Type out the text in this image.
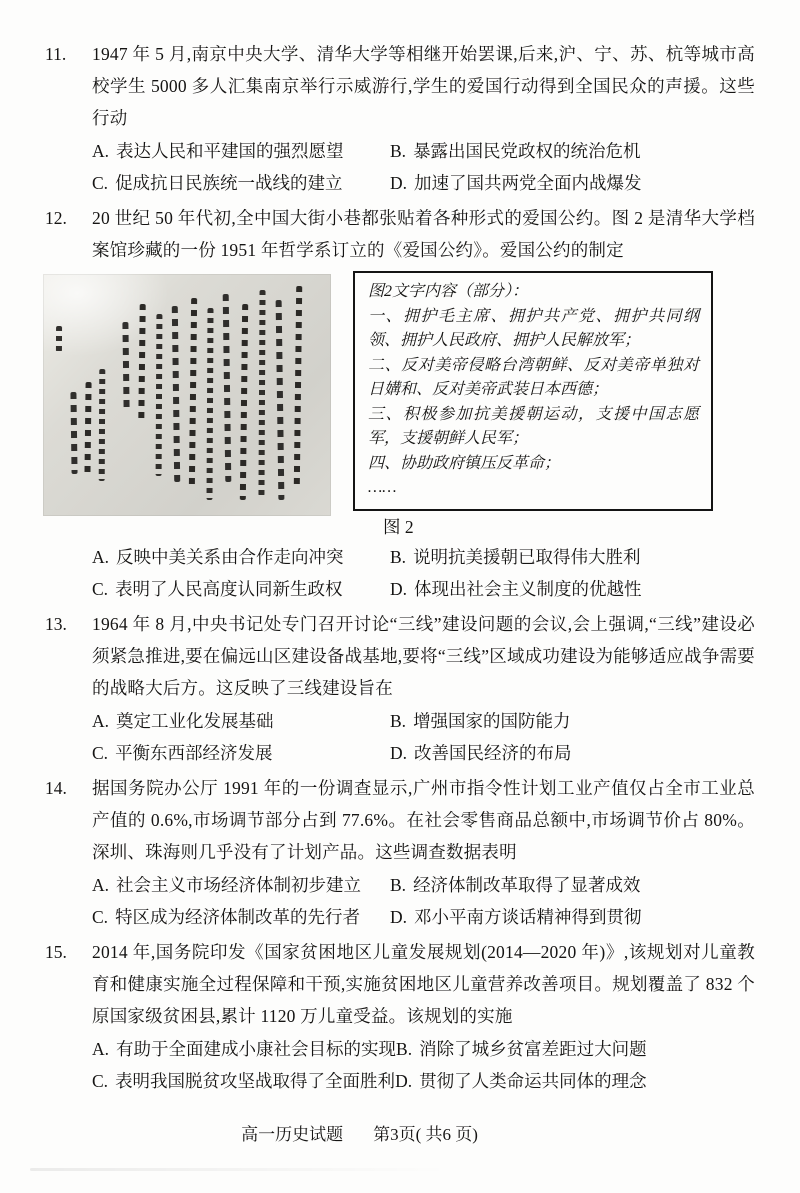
11. 1947 年 5 月,南京中央大学、清华大学等相继开始罢课,后来,沪、宁、苏、杭等城市高校学生 5000 多人汇集南京举行示威游行,学生的爱国行动得到全国民众的声援。这些行动

A. 表达人民和平建国的强烈愿望	B. 暴露出国民党政权的统治危机
C. 促成抗日民族统一战线的建立	D. 加速了国共两党全面内战爆发
12. 20 世纪 50 年代初,全中国大街小巷都张贴着各种形式的爱国公约。图 2 是清华大学档案馆珍藏的一份 1951 年哲学系订立的《爱国公约》。爱国公约的制定

图2文字内容（部分）：

一、拥护毛主席、拥护共产党、拥护共同纲领、拥护人民政府、拥护人民解放军；

二、反对美帝侵略台湾朝鲜、反对美帝单独对日媾和、反对美帝武装日本西德；

三、积极参加抗美援朝运动，支援中国志愿军，支援朝鲜人民军；

四、协助政府镇压反革命；

……

图 2

A. 反映中美关系由合作走向冲突	B. 说明抗美援朝已取得伟大胜利
C. 表明了人民高度认同新生政权	D. 体现出社会主义制度的优越性
13. 1964 年 8 月,中央书记处专门召开讨论“三线”建设问题的会议,会上强调,“三线”建设必须紧急推进,要在偏远山区建设备战基地,要将“三线”区域成功建设为能够适应战争需要的战略大后方。这反映了三线建设旨在

A. 奠定工业化发展基础	B. 增强国家的国防能力
C. 平衡东西部经济发展	D. 改善国民经济的布局
14. 据国务院办公厅 1991 年的一份调查显示,广州市指令性计划工业产值仅占全市工业总产值的 0.6%,市场调节部分占到 77.6%。在社会零售商品总额中,市场调节价占 80%。深圳、珠海则几乎没有了计划产品。这些调查数据表明

A. 社会主义市场经济体制初步建立 B. 经济体制改革取得了显著成效
C. 特区成为经济体制改革的先行者 D. 邓小平南方谈话精神得到贯彻
15. 2014 年,国务院印发《国家贫困地区儿童发展规划(2014—2020 年)》,该规划对儿童教育和健康实施全过程保障和干预,实施贫困地区儿童营养改善项目。规划覆盖了 832 个原国家级贫困县,累计 1120 万儿童受益。该规划的实施

A. 有助于全面建成小康社会目标的实现 B. 消除了城乡贫富差距过大问题
C. 表明我国脱贫攻坚战取得了全面胜利 D. 贯彻了人类命运共同体的理念
高一历史试题 第3页( 共6 页)
